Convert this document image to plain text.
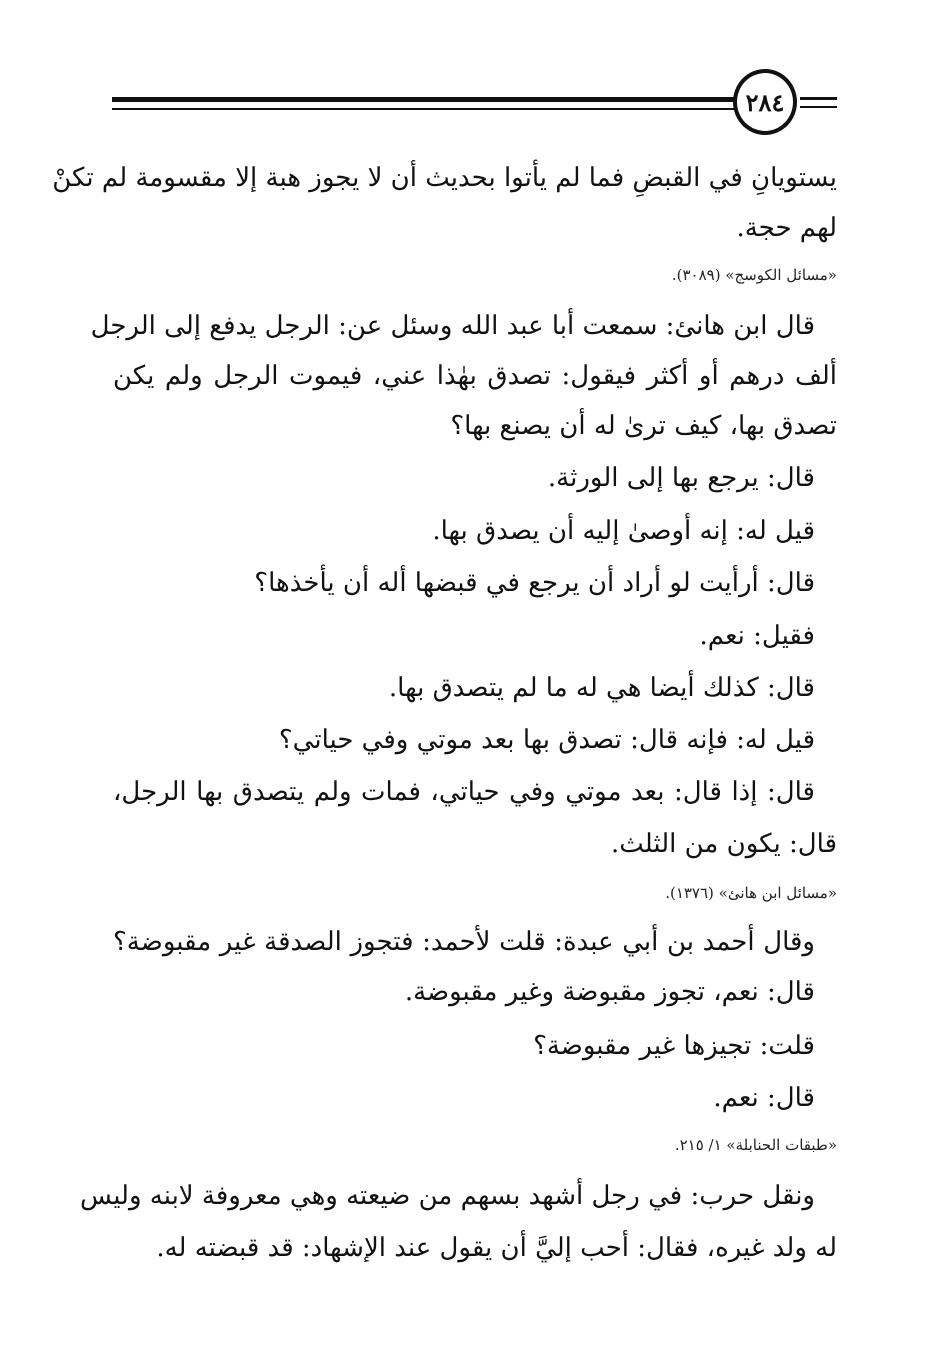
٢٨٤
يستويانِ في القبضِ فما لم يأتوا بحديث أن لا يجوز هبة إلا مقسومة لم تكنْ
لهم حجة.
«مسائل الكوسج» (٣٠٨٩).
قال ابن هانئ: سمعت أبا عبد الله وسئل عن: الرجل يدفع إلى الرجل
ألف درهم أو أكثر فيقول: تصدق بهٰذا عني، فيموت الرجل ولم يكن
تصدق بها، كيف ترىٰ له أن يصنع بها؟
قال: يرجع بها إلى الورثة.
قيل له: إنه أوصىٰ إليه أن يصدق بها.
قال: أرأيت لو أراد أن يرجع في قبضها أله أن يأخذها؟
فقيل: نعم.
قال: كذلك أيضا هي له ما لم يتصدق بها.
قيل له: فإنه قال: تصدق بها بعد موتي وفي حياتي؟
قال: إذا قال: بعد موتي وفي حياتي، فمات ولم يتصدق بها الرجل،
قال: يكون من الثلث.
«مسائل ابن هانئ» (١٣٧٦).
وقال أحمد بن أبي عبدة: قلت لأحمد: فتجوز الصدقة غير مقبوضة؟
قال: نعم، تجوز مقبوضة وغير مقبوضة.
قلت: تجيزها غير مقبوضة؟
قال: نعم.
«طبقات الحنابلة» ١/ ٢١٥.
ونقل حرب: في رجل أشهد بسهم من ضيعته وهي معروفة لابنه وليس
له ولد غيره، فقال: أحب إليَّ أن يقول عند الإشهاد: قد قبضته له.
